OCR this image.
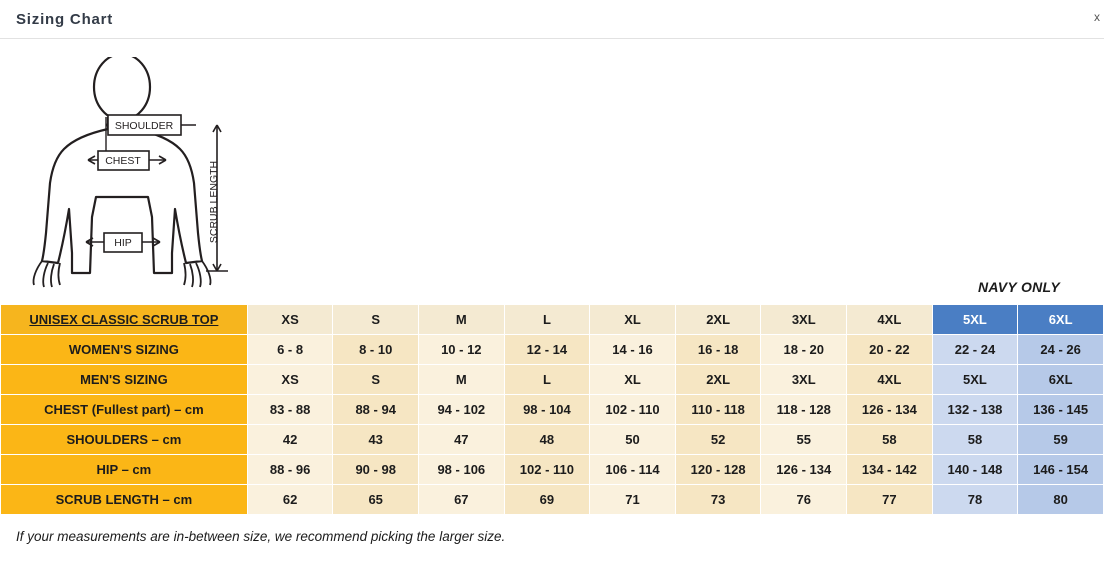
Sizing Chart	x
SHOULDER
CHEST
HIP	SCRUB LENGTH
NAVY ONLY
UNISEX CLASSIC SCRUB TOP	XS	S	M	L	XL	2XL	3XL	4XL	5XL	6XL
WOMEN'S SIZING	6 - 8	8 - 10	10 - 12	12 - 14	14 - 16	16 - 18	18 - 20	20 - 22	22 - 24	24 - 26
MEN'S SIZING	XS	S	M	L	XL	2XL	3XL	4XL	5XL	6XL
CHEST (Fullest part) – cm	83 - 88	88 - 94	94 - 102	98 - 104	102 - 110	110 - 118	118 - 128	126 - 134	132 - 138	136 - 145
SHOULDERS – cm	42	43	47	48	50	52	55	58	58	59
HIP – cm	88 - 96	90 - 98	98 - 106	102 - 110	106 - 114	120 - 128	126 - 134	134 - 142	140 - 148	146 - 154
SCRUB LENGTH – cm	62	65	67	69	71	73	76	77	78	80
If your measurements are in-between size, we recommend picking the larger size.
